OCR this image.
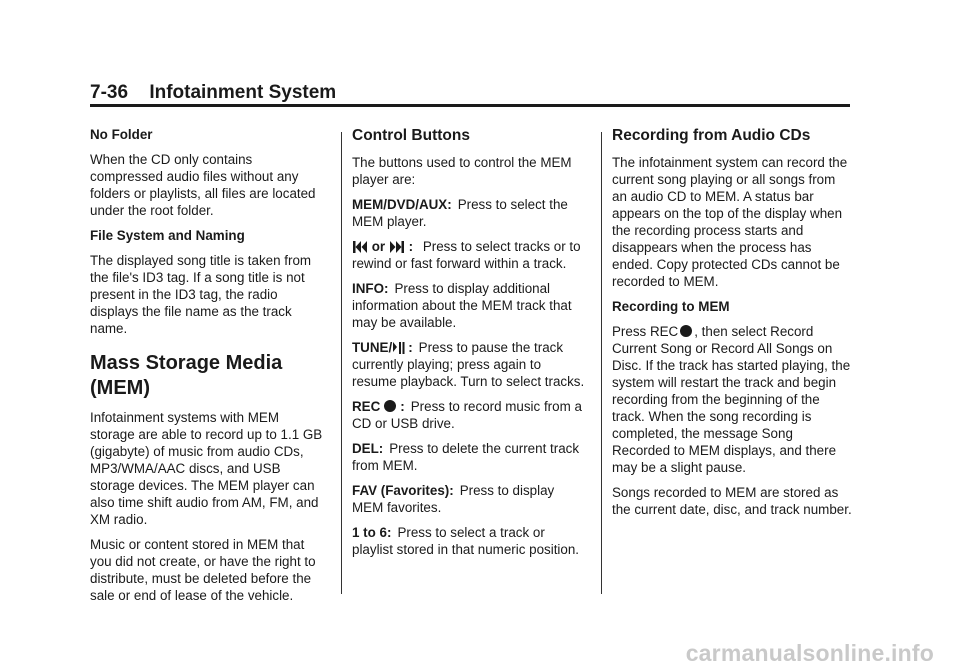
7-36 Infotainment System

No Folder

When the CD only contains compressed audio files without any folders or playlists, all files are located under the root folder.

File System and Naming

The displayed song title is taken from the file's ID3 tag. If a song title is not present in the ID3 tag, the radio displays the file name as the track name.

Mass Storage Media (MEM)

Infotainment systems with MEM storage are able to record up to 1.1 GB (gigabyte) of music from audio CDs, MP3/WMA/AAC discs, and USB storage devices. The MEM player can also time shift audio from AM, FM, and XM radio.

Music or content stored in MEM that you did not create, or have the right to distribute, must be deleted before the sale or end of lease of the vehicle.

Control Buttons

The buttons used to control the MEM player are:

MEM/DVD/AUX: Press to select the MEM player.

or : Press to select tracks or to rewind or fast forward within a track.

INFO: Press to display additional information about the MEM track that may be available.

TUNE/ : Press to pause the track currently playing; press again to resume playback. Turn to select tracks.

REC : Press to record music from a CD or USB drive.

DEL: Press to delete the current track from MEM.

FAV (Favorites): Press to display MEM favorites.

1 to 6: Press to select a track or playlist stored in that numeric position.

Recording from Audio CDs

The infotainment system can record the current song playing or all songs from an audio CD to MEM. A status bar appears on the top of the display when the recording process starts and disappears when the process has ended. Copy protected CDs cannot be recorded to MEM.

Recording to MEM

Press REC , then select Record Current Song or Record All Songs on Disc. If the track has started playing, the system will restart the track and begin recording from the beginning of the track. When the song recording is completed, the message Song Recorded to MEM displays, and there may be a slight pause.

Songs recorded to MEM are stored as the current date, disc, and track number.

carmanualsonline.info
